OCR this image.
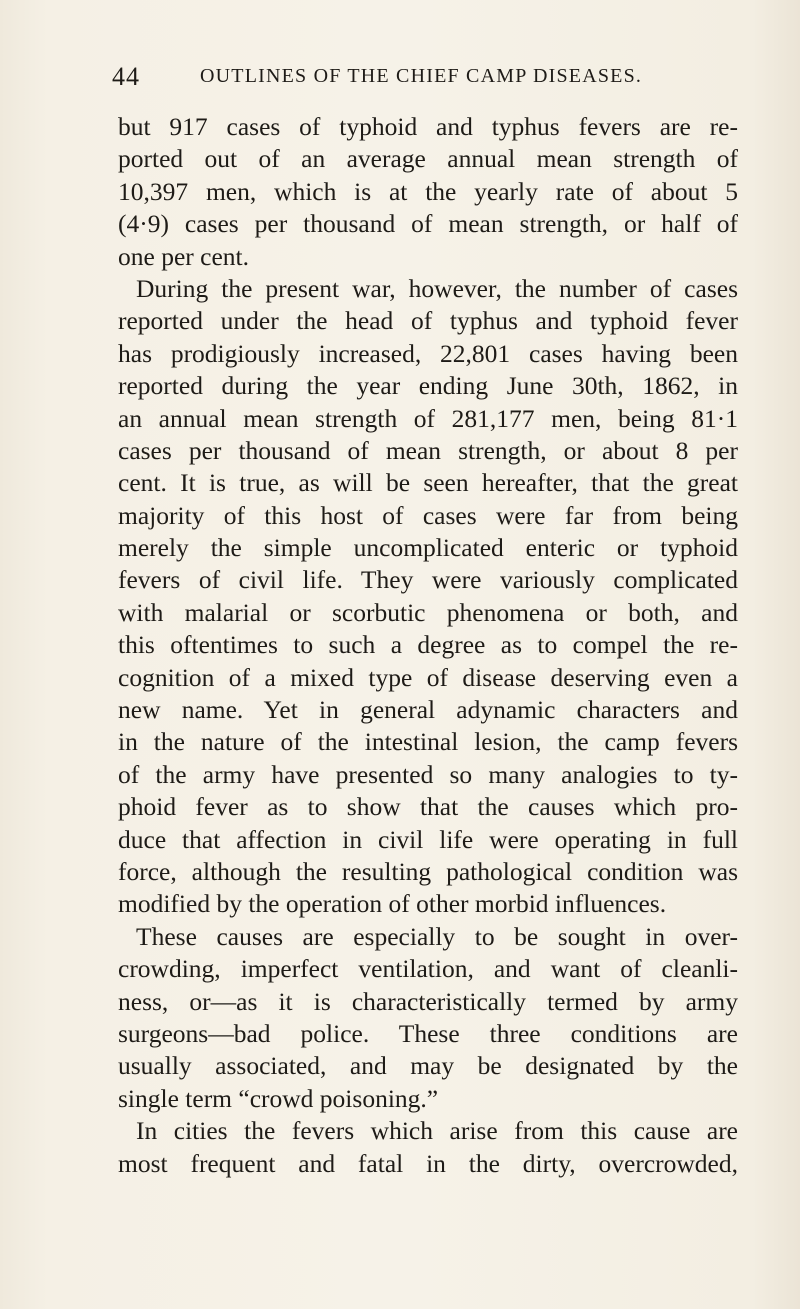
44	OUTLINES OF THE CHIEF CAMP DISEASES.
but 917 cases of typhoid and typhus fevers are re-
ported out of an average annual mean strength of
10,397 men, which is at the yearly rate of about 5
(4·9) cases per thousand of mean strength, or half of
one per cent.
During the present war, however, the number of cases
reported under the head of typhus and typhoid fever
has prodigiously increased, 22,801 cases having been
reported during the year ending June 30th, 1862, in
an annual mean strength of 281,177 men, being 81·1
cases per thousand of mean strength, or about 8 per
cent. It is true, as will be seen hereafter, that the great
majority of this host of cases were far from being
merely the simple uncomplicated enteric or typhoid
fevers of civil life. They were variously complicated
with malarial or scorbutic phenomena or both, and
this oftentimes to such a degree as to compel the re-
cognition of a mixed type of disease deserving even a
new name. Yet in general adynamic characters and
in the nature of the intestinal lesion, the camp fevers
of the army have presented so many analogies to ty-
phoid fever as to show that the causes which pro-
duce that affection in civil life were operating in full
force, although the resulting pathological condition was
modified by the operation of other morbid influences.
These causes are especially to be sought in over-
crowding, imperfect ventilation, and want of cleanli-
ness, or—as it is characteristically termed by army
surgeons—bad police. These three conditions are
usually associated, and may be designated by the
single term “crowd poisoning.”
In cities the fevers which arise from this cause are
most frequent and fatal in the dirty, overcrowded,
